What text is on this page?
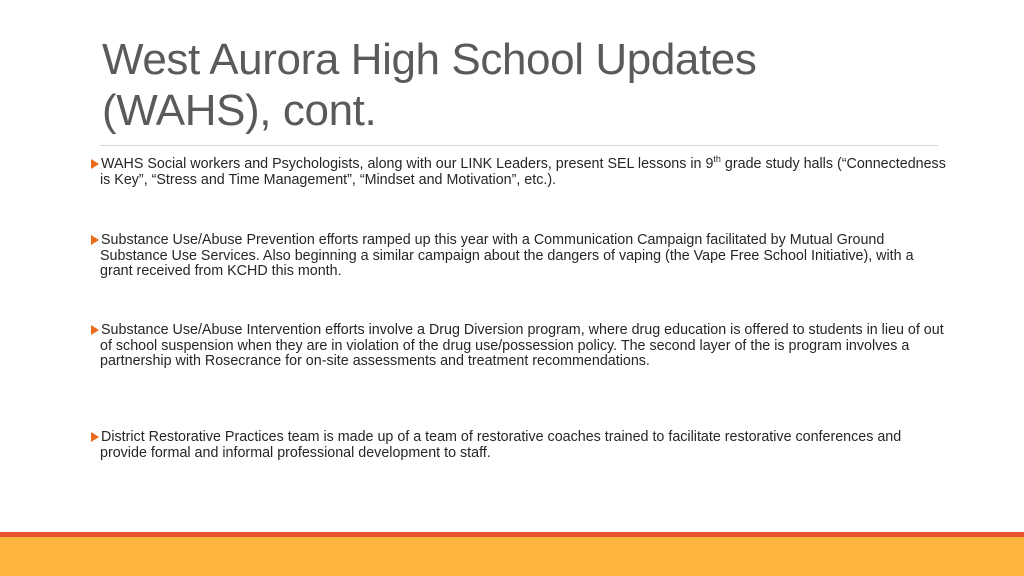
West Aurora High School Updates
(WAHS), cont.
WAHS Social workers and Psychologists, along with our LINK Leaders, present SEL lessons in 9th grade study halls (“Connectedness is Key”, “Stress and Time Management”, “Mindset and Motivation”, etc.).
Substance Use/Abuse Prevention efforts ramped up this year with a Communication Campaign facilitated by Mutual Ground Substance Use Services. Also beginning a similar campaign about the dangers of vaping (the Vape Free School Initiative), with a grant received from KCHD this month.
Substance Use/Abuse Intervention efforts involve a Drug Diversion program, where drug education is offered to students in lieu of out of school suspension when they are in violation of the drug use/possession policy. The second layer of the is program involves a partnership with Rosecrance for on-site assessments and treatment recommendations.
District Restorative Practices team is made up of a team of restorative coaches trained to facilitate restorative conferences and provide formal and informal professional development to staff.
